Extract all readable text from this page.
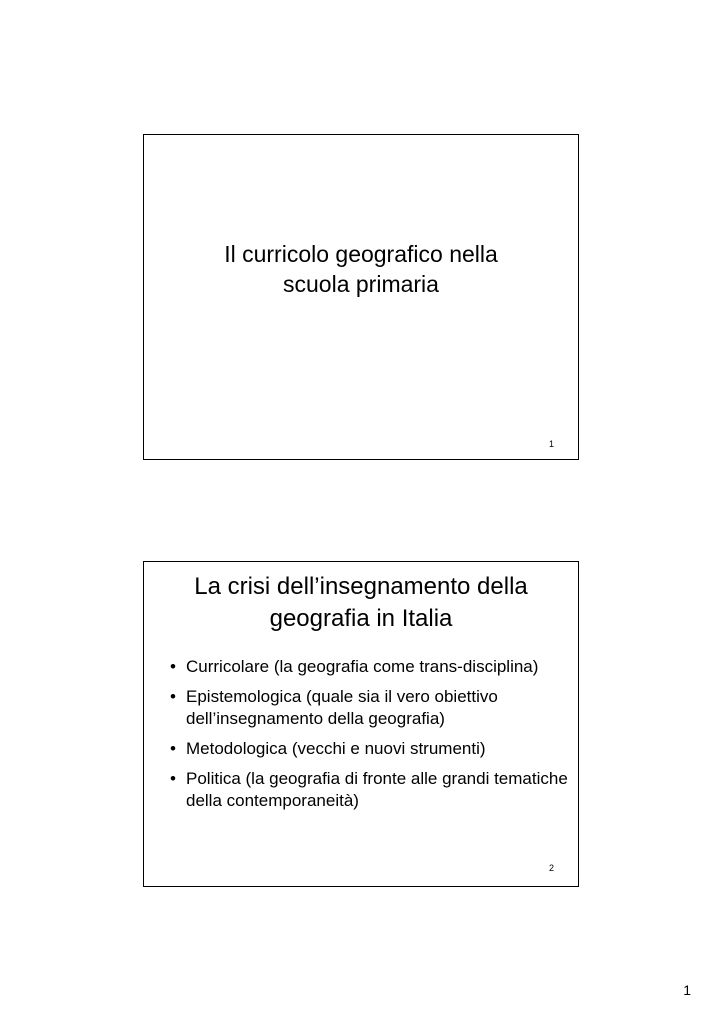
Il curricolo geografico nella
scuola primaria
1
La crisi dell’insegnamento della
geografia in Italia
• Curricolare (la geografia come trans-disciplina)
• Epistemologica (quale sia il vero obiettivo dell’insegnamento della geografia)
• Metodologica (vecchi e nuovi strumenti)
• Politica (la geografia di fronte alle grandi tematiche della contemporaneità)
2
1
